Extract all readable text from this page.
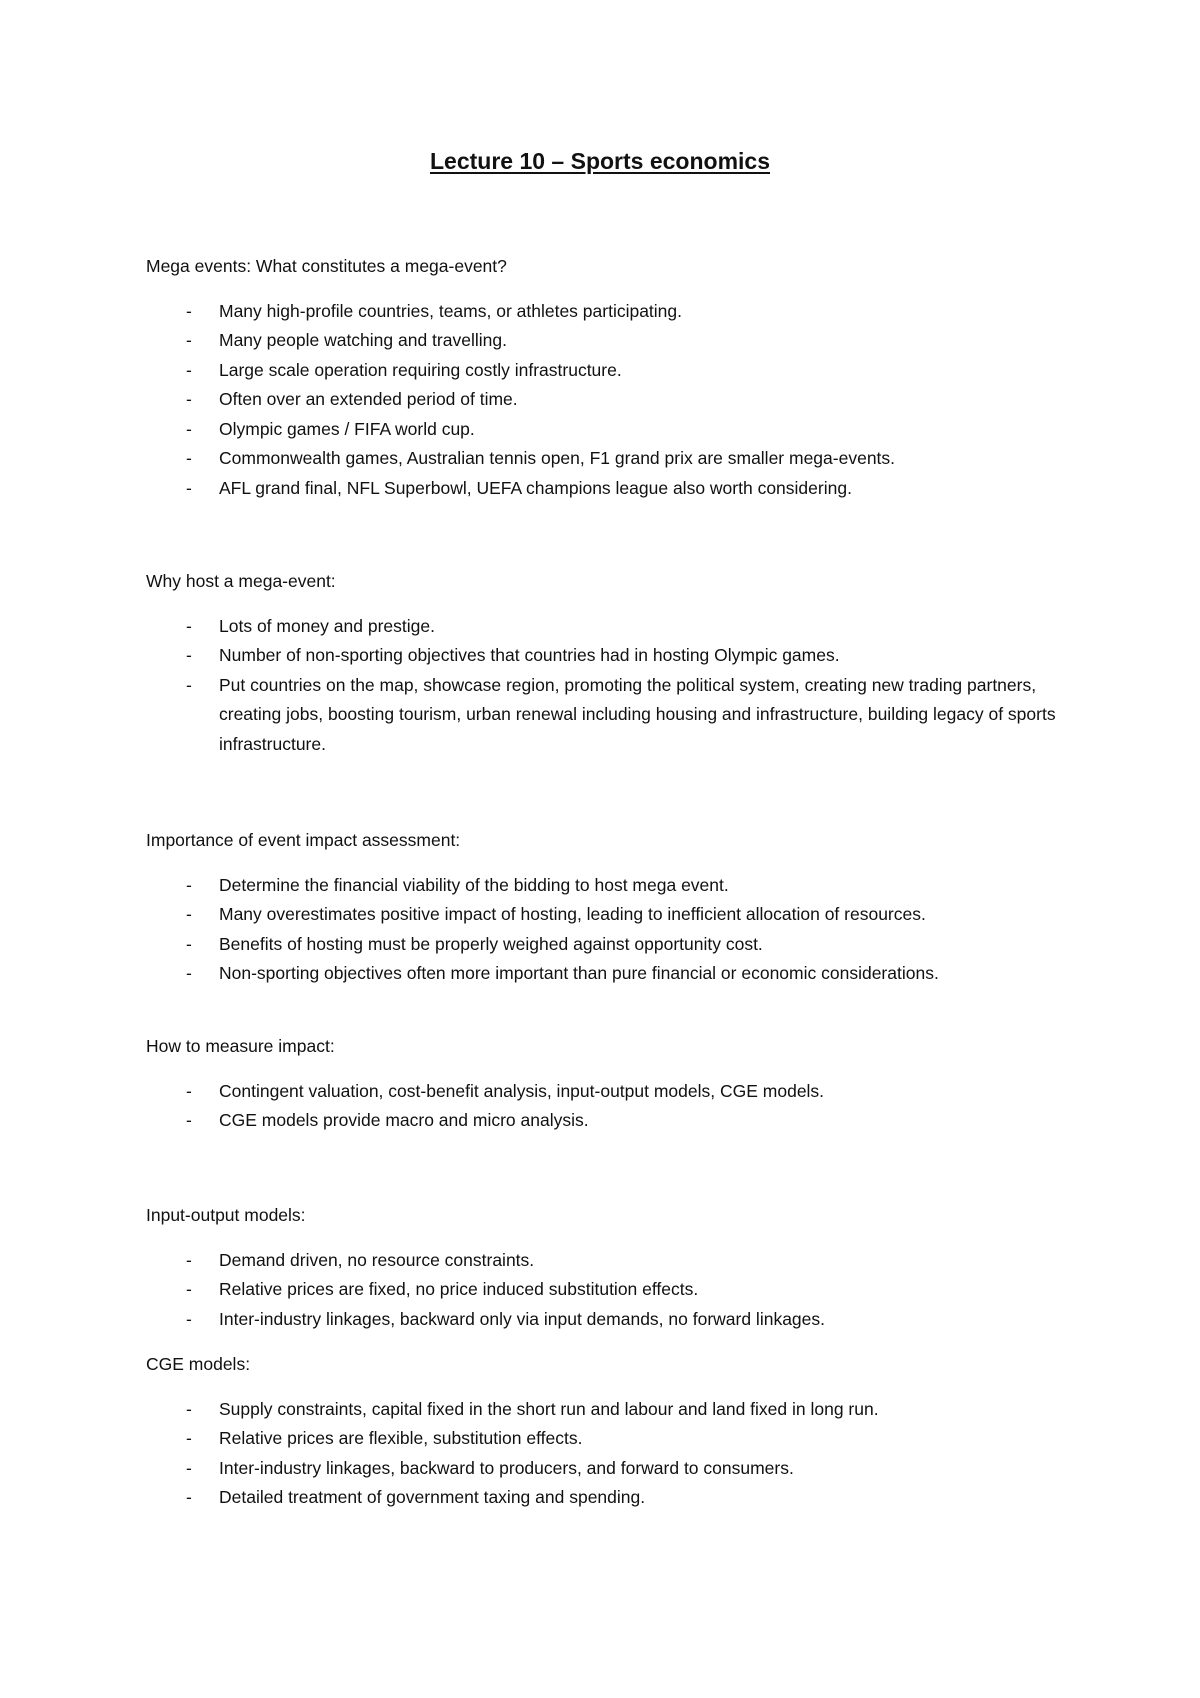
Lecture 10 – Sports economics

Mega events: What constitutes a mega-event?

- Many high-profile countries, teams, or athletes participating.
- Many people watching and travelling.
- Large scale operation requiring costly infrastructure.
- Often over an extended period of time.
- Olympic games / FIFA world cup.
- Commonwealth games, Australian tennis open, F1 grand prix are smaller mega-events.
- AFL grand final, NFL Superbowl, UEFA champions league also worth considering.

Why host a mega-event:

- Lots of money and prestige.
- Number of non-sporting objectives that countries had in hosting Olympic games.
- Put countries on the map, showcase region, promoting the political system, creating new trading partners, creating jobs, boosting tourism, urban renewal including housing and infrastructure, building legacy of sports infrastructure.

Importance of event impact assessment:

- Determine the financial viability of the bidding to host mega event.
- Many overestimates positive impact of hosting, leading to inefficient allocation of resources.
- Benefits of hosting must be properly weighed against opportunity cost.
- Non-sporting objectives often more important than pure financial or economic considerations.

How to measure impact:

- Contingent valuation, cost-benefit analysis, input-output models, CGE models.
- CGE models provide macro and micro analysis.

Input-output models:

- Demand driven, no resource constraints.
- Relative prices are fixed, no price induced substitution effects.
- Inter-industry linkages, backward only via input demands, no forward linkages.

CGE models:

- Supply constraints, capital fixed in the short run and labour and land fixed in long run.
- Relative prices are flexible, substitution effects.
- Inter-industry linkages, backward to producers, and forward to consumers.
- Detailed treatment of government taxing and spending.
